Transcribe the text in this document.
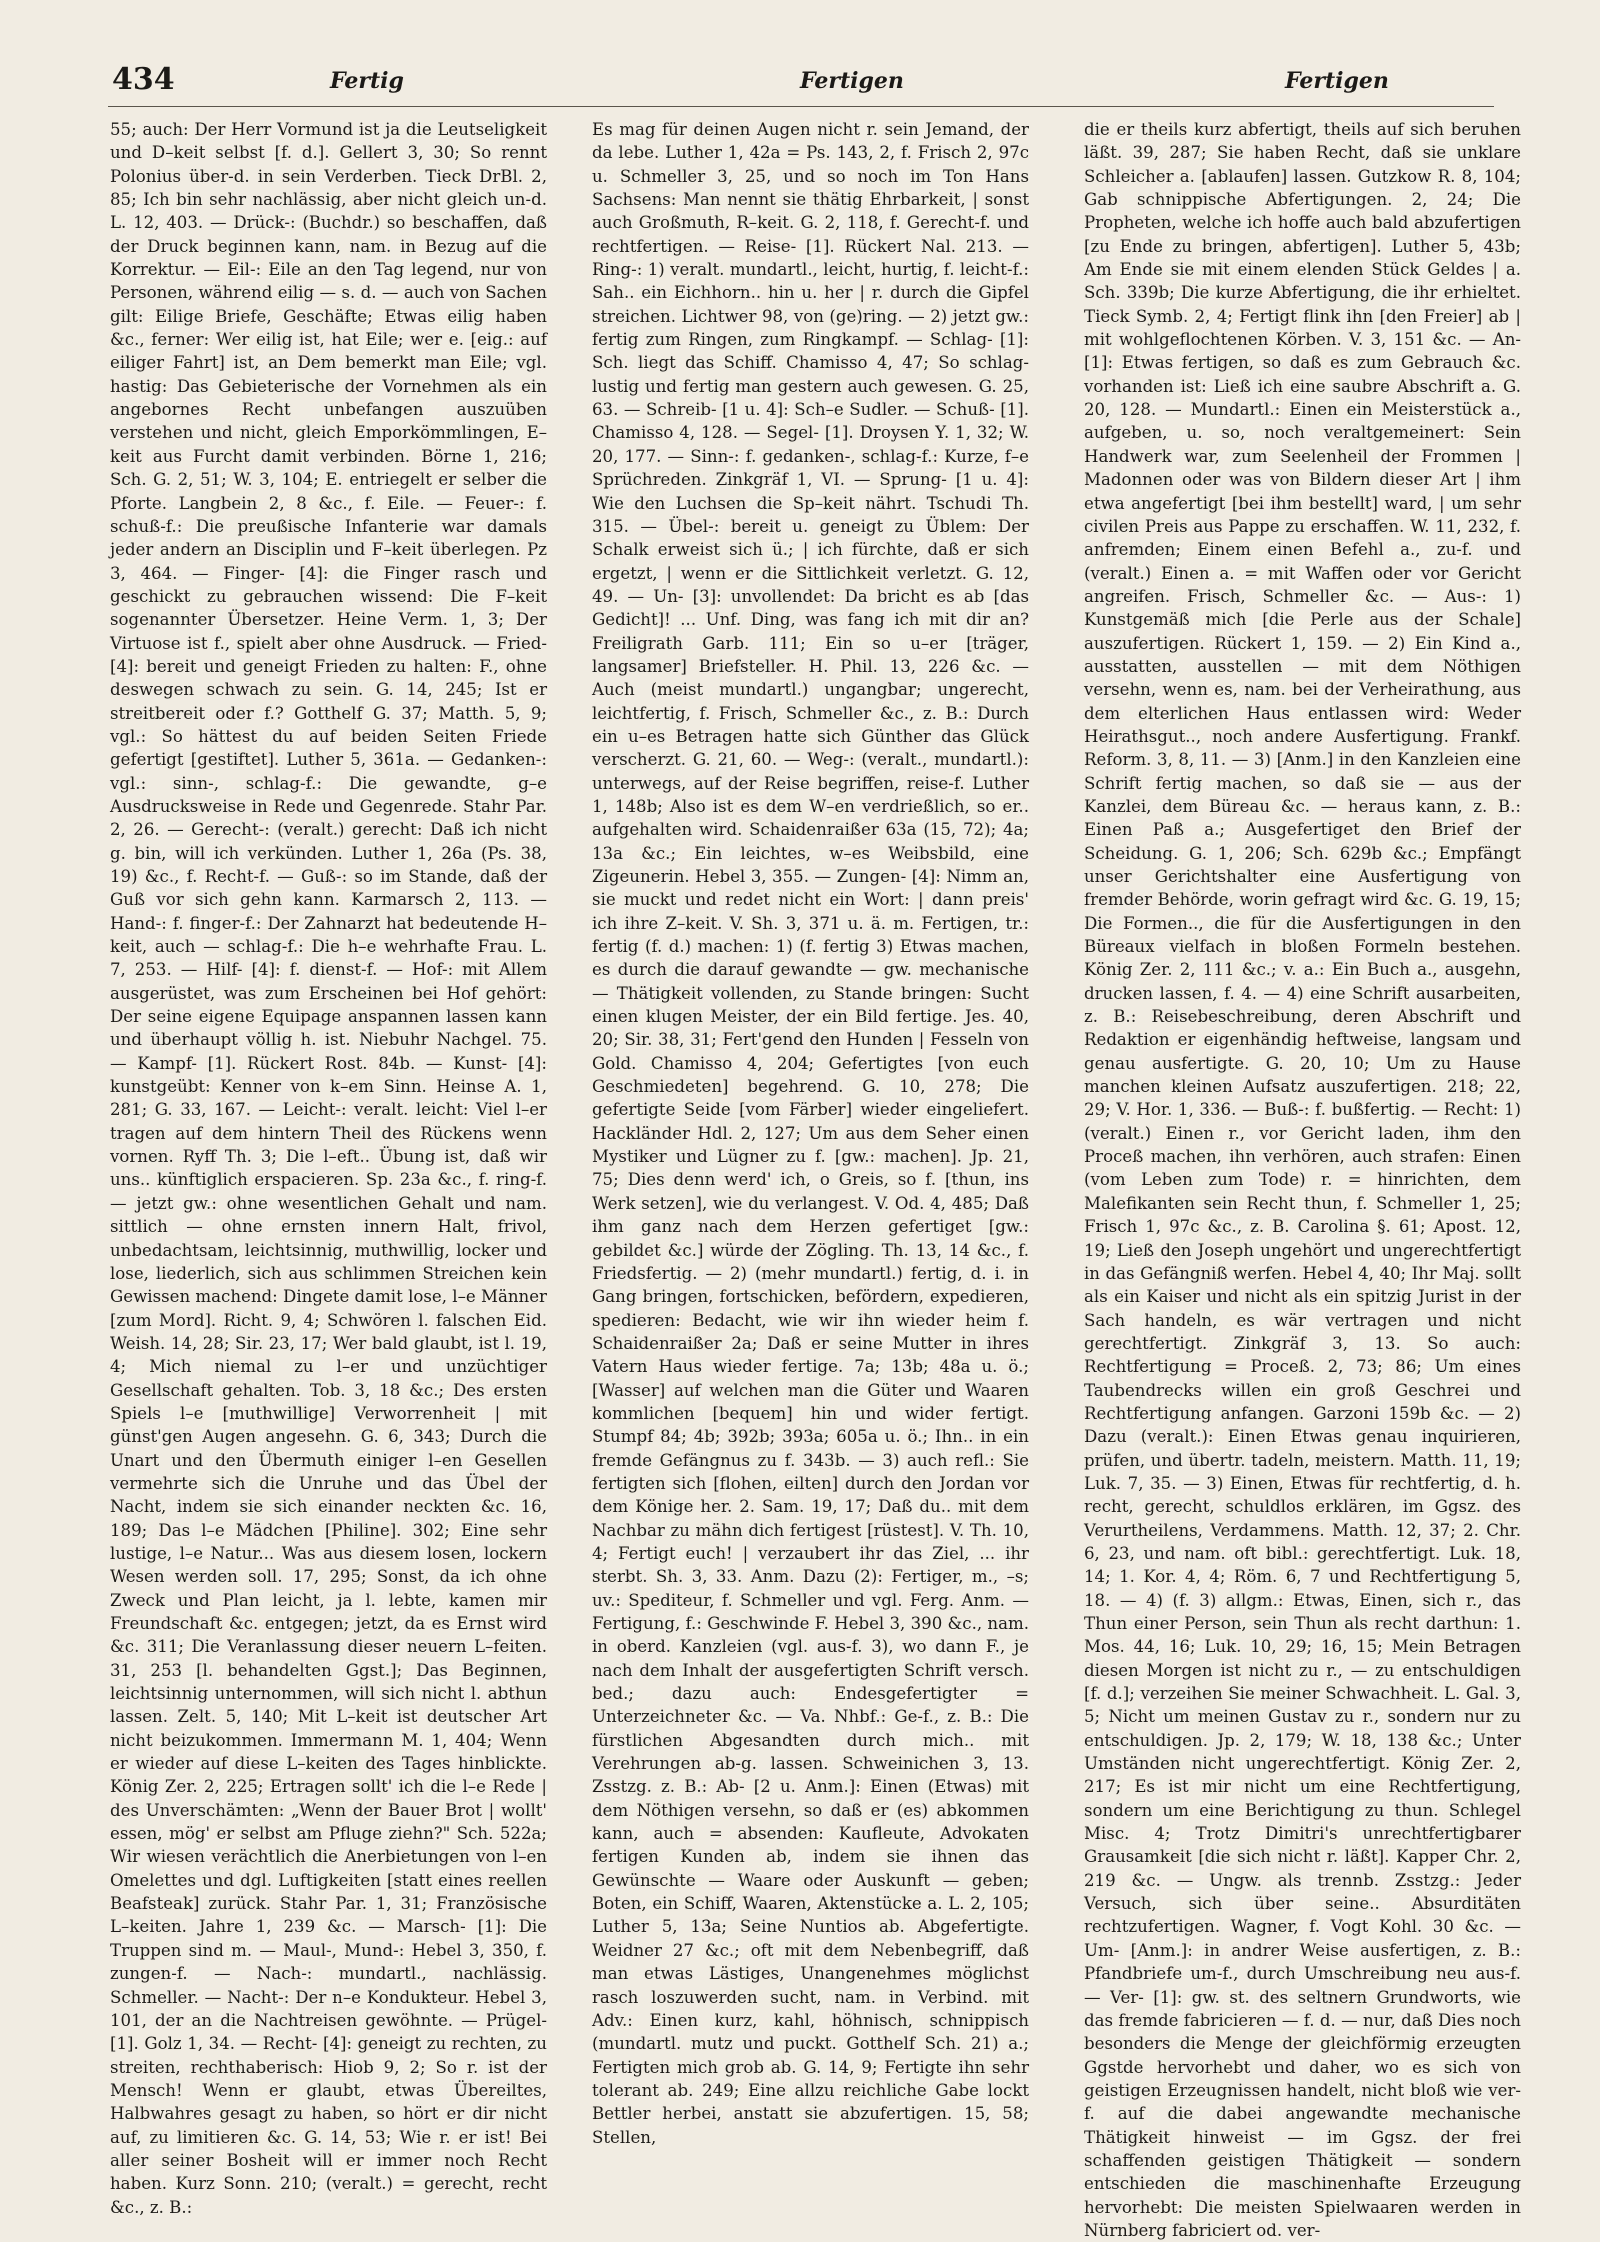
434	Fertig	Fertigen	Fertigen

55; auch: Der Herr Vormund ist ja die Leutseligkeit und D–keit selbst [f. d.]. Gellert 3, 30; So rennt Polonius über-d. in sein Verderben. Tieck DrBl. 2, 85; Ich bin sehr nachlässig, aber nicht gleich un-d. L. 12, 403. — Drück-: (Buchdr.) so beschaffen, daß der Druck beginnen kann, nam. in Bezug auf die Korrektur. — Eil-: Eile an den Tag legend, nur von Personen, während eilig — s. d. — auch von Sachen gilt: Eilige Briefe, Geschäfte; Etwas eilig haben &c., ferner: Wer eilig ist, hat Eile; wer e. [eig.: auf eiliger Fahrt] ist, an Dem bemerkt man Eile; vgl. hastig: Das Gebieterische der Vornehmen als ein angebornes Recht unbefangen auszuüben verstehen und nicht, gleich Emporkömmlingen, E–keit aus Furcht damit verbinden. Börne 1, 216; Sch. G. 2, 51; W. 3, 104; E. entriegelt er selber die Pforte. Langbein 2, 8 &c., f. Eile. — Feuer-: f. schuß-f.: Die preußische Infanterie war damals jeder andern an Disciplin und F–keit überlegen. Pz 3, 464. — Finger- [4]: die Finger rasch und geschickt zu gebrauchen wissend: Die F–keit sogenannter Übersetzer. Heine Verm. 1, 3; Der Virtuose ist f., spielt aber ohne Ausdruck. — Fried- [4]: bereit und geneigt Frieden zu halten: F., ohne deswegen schwach zu sein. G. 14, 245; Ist er streitbereit oder f.? Gotthelf G. 37; Matth. 5, 9; vgl.: So hättest du auf beiden Seiten Friede gefertigt [gestiftet]. Luther 5, 361a. — Gedanken-: vgl.: sinn-, schlag-f.: Die gewandte, g–e Ausdrucksweise in Rede und Gegenrede. Stahr Par. 2, 26. — Gerecht-: (veralt.) gerecht: Daß ich nicht g. bin, will ich verkünden. Luther 1, 26a (Ps. 38, 19) &c., f. Recht-f. — Guß-: so im Stande, daß der Guß vor sich gehn kann. Karmarsch 2, 113. — Hand-: f. finger-f.: Der Zahnarzt hat bedeutende H–keit, auch — schlag-f.: Die h–e wehrhafte Frau. L. 7, 253. — Hilf- [4]: f. dienst-f. — Hof-: mit Allem ausgerüstet, was zum Erscheinen bei Hof gehört: Der seine eigene Equipage anspannen lassen kann und überhaupt völlig h. ist. Niebuhr Nachgel. 75. — Kampf- [1]. Rückert Rost. 84b. — Kunst- [4]: kunstgeübt: Kenner von k–em Sinn. Heinse A. 1, 281; G. 33, 167. — Leicht-: veralt. leicht: Viel l–er tragen auf dem hintern Theil des Rückens wenn vornen. Ryff Th. 3; Die l–eft.. Übung ist, daß wir uns.. künftiglich erspacieren. Sp. 23a &c., f. ring-f. — jetzt gw.: ohne wesentlichen Gehalt und nam. sittlich — ohne ernsten innern Halt, frivol, unbedachtsam, leichtsinnig, muthwillig, locker und lose, liederlich, sich aus schlimmen Streichen kein Gewissen machend: Dingete damit lose, l–e Männer [zum Mord]. Richt. 9, 4; Schwören l. falschen Eid. Weish. 14, 28; Sir. 23, 17; Wer bald glaubt, ist l. 19, 4; Mich niemal zu l–er und unzüchtiger Gesellschaft gehalten. Tob. 3, 18 &c.; Des ersten Spiels l–e [muthwillige] Verworrenheit | mit günst'gen Augen angesehn. G. 6, 343; Durch die Unart und den Übermuth einiger l–en Gesellen vermehrte sich die Unruhe und das Übel der Nacht, indem sie sich einander neckten &c. 16, 189; Das l–e Mädchen [Philine]. 302; Eine sehr lustige, l–e Natur... Was aus diesem losen, lockern Wesen werden soll. 17, 295; Sonst, da ich ohne Zweck und Plan leicht, ja l. lebte, kamen mir Freundschaft &c. entgegen; jetzt, da es Ernst wird &c. 311; Die Veranlassung dieser neuern L–feiten. 31, 253 [l. behandelten Ggst.]; Das Beginnen, leichtsinnig unternommen, will sich nicht l. abthun lassen. Zelt. 5, 140; Mit L–keit ist deutscher Art nicht beizukommen. Immermann M. 1, 404; Wenn er wieder auf diese L–keiten des Tages hinblickte. König Zer. 2, 225; Ertragen sollt' ich die l–e Rede | des Unverschämten: „Wenn der Bauer Brot | wollt' essen, mög' er selbst am Pfluge ziehn?" Sch. 522a; Wir wiesen verächtlich die Anerbietungen von l–en Omelettes und dgl. Luftigkeiten [statt eines reellen Beafsteak] zurück. Stahr Par. 1, 31; Französische L–keiten. Jahre 1, 239 &c. — Marsch- [1]: Die Truppen sind m. — Maul-, Mund-: Hebel 3, 350, f. zungen-f. — Nach-: mundartl., nachlässig. Schmeller. — Nacht-: Der n–e Kondukteur. Hebel 3, 101, der an die Nachtreisen gewöhnte. — Prügel- [1]. Golz 1, 34. — Recht- [4]: geneigt zu rechten, zu streiten, rechthaberisch: Hiob 9, 2; So r. ist der Mensch! Wenn er glaubt, etwas Übereiltes, Halbwahres gesagt zu haben, so hört er dir nicht auf, zu limitieren &c. G. 14, 53; Wie r. er ist! Bei aller seiner Bosheit will er immer noch Recht haben. Kurz Sonn. 210; (veralt.) = gerecht, recht &c., z. B.:

Es mag für deinen Augen nicht r. sein Jemand, der da lebe. Luther 1, 42a = Ps. 143, 2, f. Frisch 2, 97c u. Schmeller 3, 25, und so noch im Ton Hans Sachsens: Man nennt sie thätig Ehrbarkeit, | sonst auch Großmuth, R–keit. G. 2, 118, f. Gerecht-f. und rechtfertigen. — Reise- [1]. Rückert Nal. 213. — Ring-: 1) veralt. mundartl., leicht, hurtig, f. leicht-f.: Sah.. ein Eichhorn.. hin u. her | r. durch die Gipfel streichen. Lichtwer 98, von (ge)ring. — 2) jetzt gw.: fertig zum Ringen, zum Ringkampf. — Schlag- [1]: Sch. liegt das Schiff. Chamisso 4, 47; So schlag-lustig und fertig man gestern auch gewesen. G. 25, 63. — Schreib- [1 u. 4]: Sch–e Sudler. — Schuß- [1]. Chamisso 4, 128. — Segel- [1]. Droysen Y. 1, 32; W. 20, 177. — Sinn-: f. gedanken-, schlag-f.: Kurze, f–e Sprüchreden. Zinkgräf 1, VI. — Sprung- [1 u. 4]: Wie den Luchsen die Sp–keit nährt. Tschudi Th. 315. — Übel-: bereit u. geneigt zu Üblem: Der Schalk erweist sich ü.; | ich fürchte, daß er sich ergetzt, | wenn er die Sittlichkeit verletzt. G. 12, 49. — Un- [3]: unvollendet: Da bricht es ab [das Gedicht]! ... Unf. Ding, was fang ich mit dir an? Freiligrath Garb. 111; Ein so u–er [träger, langsamer] Briefsteller. H. Phil. 13, 226 &c. — Auch (meist mundartl.) ungangbar; ungerecht, leichtfertig, f. Frisch, Schmeller &c., z. B.: Durch ein u–es Betragen hatte sich Günther das Glück verscherzt. G. 21, 60. — Weg-: (veralt., mundartl.): unterwegs, auf der Reise begriffen, reise-f. Luther 1, 148b; Also ist es dem W–en verdrießlich, so er.. aufgehalten wird. Schaidenraißer 63a (15, 72); 4a; 13a &c.; Ein leichtes, w–es Weibsbild, eine Zigeunerin. Hebel 3, 355. — Zungen- [4]: Nimm an, sie muckt und redet nicht ein Wort: | dann preis' ich ihre Z–keit. V. Sh. 3, 371 u. ä. m. Fertigen, tr.: fertig (f. d.) machen: 1) (f. fertig 3) Etwas machen, es durch die darauf gewandte — gw. mechanische — Thätigkeit vollenden, zu Stande bringen: Sucht einen klugen Meister, der ein Bild fertige. Jes. 40, 20; Sir. 38, 31; Fert'gend den Hunden | Fesseln von Gold. Chamisso 4, 204; Gefertigtes [von euch Geschmiedeten] begehrend. G. 10, 278; Die gefertigte Seide [vom Färber] wieder eingeliefert. Hackländer Hdl. 2, 127; Um aus dem Seher einen Mystiker und Lügner zu f. [gw.: machen]. Jp. 21, 75; Dies denn werd' ich, o Greis, so f. [thun, ins Werk setzen], wie du verlangest. V. Od. 4, 485; Daß ihm ganz nach dem Herzen gefertiget [gw.: gebildet &c.] würde der Zögling. Th. 13, 14 &c., f. Friedsfertig. — 2) (mehr mundartl.) fertig, d. i. in Gang bringen, fortschicken, befördern, expedieren, spedieren: Bedacht, wie wir ihn wieder heim f. Schaidenraißer 2a; Daß er seine Mutter in ihres Vatern Haus wieder fertige. 7a; 13b; 48a u. ö.; [Wasser] auf welchen man die Güter und Waaren kommlichen [bequem] hin und wider fertigt. Stumpf 84; 4b; 392b; 393a; 605a u. ö.; Ihn.. in ein fremde Gefängnus zu f. 343b. — 3) auch refl.: Sie fertigten sich [flohen, eilten] durch den Jordan vor dem Könige her. 2. Sam. 19, 17; Daß du.. mit dem Nachbar zu mähn dich fertigest [rüstest]. V. Th. 10, 4; Fertigt euch! | verzaubert ihr das Ziel, ... ihr sterbt. Sh. 3, 33. Anm. Dazu (2): Fertiger, m., –s; uv.: Spediteur, f. Schmeller und vgl. Ferg. Anm. — Fertigung, f.: Geschwinde F. Hebel 3, 390 &c., nam. in oberd. Kanzleien (vgl. aus-f. 3), wo dann F., je nach dem Inhalt der ausgefertigten Schrift versch. bed.; dazu auch: Endesgefertigter = Unterzeichneter &c. — Va. Nhbf.: Ge-f., z. B.: Die fürstlichen Abgesandten durch mich.. mit Verehrungen ab-g. lassen. Schweinichen 3, 13. Zsstzg. z. B.: Ab- [2 u. Anm.]: Einen (Etwas) mit dem Nöthigen versehn, so daß er (es) abkommen kann, auch = absenden: Kaufleute, Advokaten fertigen Kunden ab, indem sie ihnen das Gewünschte — Waare oder Auskunft — geben; Boten, ein Schiff, Waaren, Aktenstücke a. L. 2, 105; Luther 5, 13a; Seine Nuntios ab. Abgefertigte. Weidner 27 &c.; oft mit dem Nebenbegriff, daß man etwas Lästiges, Unangenehmes möglichst rasch loszuwerden sucht, nam. in Verbind. mit Adv.: Einen kurz, kahl, höhnisch, schnippisch (mundartl. mutz und puckt. Gotthelf Sch. 21) a.; Fertigten mich grob ab. G. 14, 9; Fertigte ihn sehr tolerant ab. 249; Eine allzu reichliche Gabe lockt Bettler herbei, anstatt sie abzufertigen. 15, 58; Stellen,

die er theils kurz abfertigt, theils auf sich beruhen läßt. 39, 287; Sie haben Recht, daß sie unklare Schleicher a. [ablaufen] lassen. Gutzkow R. 8, 104; Gab schnippische Abfertigungen. 2, 24; Die Propheten, welche ich hoffe auch bald abzufertigen [zu Ende zu bringen, abfertigen]. Luther 5, 43b; Am Ende sie mit einem elenden Stück Geldes | a. Sch. 339b; Die kurze Abfertigung, die ihr erhieltet. Tieck Symb. 2, 4; Fertigt flink ihn [den Freier] ab | mit wohlgeflochtenen Körben. V. 3, 151 &c. — An- [1]: Etwas fertigen, so daß es zum Gebrauch &c. vorhanden ist: Ließ ich eine saubre Abschrift a. G. 20, 128. — Mundartl.: Einen ein Meisterstück a., aufgeben, u. so, noch veraltgemeinert: Sein Handwerk war, zum Seelenheil der Frommen | Madonnen oder was von Bildern dieser Art | ihm etwa angefertigt [bei ihm bestellt] ward, | um sehr civilen Preis aus Pappe zu erschaffen. W. 11, 232, f. anfremden; Einem einen Befehl a., zu-f. und (veralt.) Einen a. = mit Waffen oder vor Gericht angreifen. Frisch, Schmeller &c. — Aus-: 1) Kunstgemäß mich [die Perle aus der Schale] auszufertigen. Rückert 1, 159. — 2) Ein Kind a., ausstatten, ausstellen — mit dem Nöthigen versehn, wenn es, nam. bei der Verheirathung, aus dem elterlichen Haus entlassen wird: Weder Heirathsgut.., noch andere Ausfertigung. Frankf. Reform. 3, 8, 11. — 3) [Anm.] in den Kanzleien eine Schrift fertig machen, so daß sie — aus der Kanzlei, dem Büreau &c. — heraus kann, z. B.: Einen Paß a.; Ausgefertiget den Brief der Scheidung. G. 1, 206; Sch. 629b &c.; Empfängt unser Gerichtshalter eine Ausfertigung von fremder Behörde, worin gefragt wird &c. G. 19, 15; Die Formen.., die für die Ausfertigungen in den Büreaux vielfach in bloßen Formeln bestehen. König Zer. 2, 111 &c.; v. a.: Ein Buch a., ausgehn, drucken lassen, f. 4. — 4) eine Schrift ausarbeiten, z. B.: Reisebeschreibung, deren Abschrift und Redaktion er eigenhändig heftweise, langsam und genau ausfertigte. G. 20, 10; Um zu Hause manchen kleinen Aufsatz auszufertigen. 218; 22, 29; V. Hor. 1, 336. — Buß-: f. bußfertig. — Recht: 1) (veralt.) Einen r., vor Gericht laden, ihm den Proceß machen, ihn verhören, auch strafen: Einen (vom Leben zum Tode) r. = hinrichten, dem Malefikanten sein Recht thun, f. Schmeller 1, 25; Frisch 1, 97c &c., z. B. Carolina §. 61; Apost. 12, 19; Ließ den Joseph ungehört und ungerechtfertigt in das Gefängniß werfen. Hebel 4, 40; Ihr Maj. sollt als ein Kaiser und nicht als ein spitzig Jurist in der Sach handeln, es wär vertragen und nicht gerechtfertigt. Zinkgräf 3, 13. So auch: Rechtfertigung = Proceß. 2, 73; 86; Um eines Taubendrecks willen ein groß Geschrei und Rechtfertigung anfangen. Garzoni 159b &c. — 2) Dazu (veralt.): Einen Etwas genau inquirieren, prüfen, und übertr. tadeln, meistern. Matth. 11, 19; Luk. 7, 35. — 3) Einen, Etwas für rechtfertig, d. h. recht, gerecht, schuldlos erklären, im Ggsz. des Verurtheilens, Verdammens. Matth. 12, 37; 2. Chr. 6, 23, und nam. oft bibl.: gerechtfertigt. Luk. 18, 14; 1. Kor. 4, 4; Röm. 6, 7 und Rechtfertigung 5, 18. — 4) (f. 3) allgm.: Etwas, Einen, sich r., das Thun einer Person, sein Thun als recht darthun: 1. Mos. 44, 16; Luk. 10, 29; 16, 15; Mein Betragen diesen Morgen ist nicht zu r., — zu entschuldigen [f. d.]; verzeihen Sie meiner Schwachheit. L. Gal. 3, 5; Nicht um meinen Gustav zu r., sondern nur zu entschuldigen. Jp. 2, 179; W. 18, 138 &c.; Unter Umständen nicht ungerechtfertigt. König Zer. 2, 217; Es ist mir nicht um eine Rechtfertigung, sondern um eine Berichtigung zu thun. Schlegel Misc. 4; Trotz Dimitri's unrechtfertigbarer Grausamkeit [die sich nicht r. läßt]. Kapper Chr. 2, 219 &c. — Ungw. als trennb. Zsstzg.: Jeder Versuch, sich über seine.. Absurditäten rechtzufertigen. Wagner, f. Vogt Kohl. 30 &c. — Um- [Anm.]: in andrer Weise ausfertigen, z. B.: Pfandbriefe um-f., durch Umschreibung neu aus-f. — Ver- [1]: gw. st. des seltnern Grundworts, wie das fremde fabricieren — f. d. — nur, daß Dies noch besonders die Menge der gleichförmig erzeugten Ggstde hervorhebt und daher, wo es sich von geistigen Erzeugnissen handelt, nicht bloß wie ver-f. auf die dabei angewandte mechanische Thätigkeit hinweist — im Ggsz. der frei schaffenden geistigen Thätigkeit — sondern entschieden die maschinenhafte Erzeugung hervorhebt: Die meisten Spielwaaren werden in Nürnberg fabriciert od. ver-
